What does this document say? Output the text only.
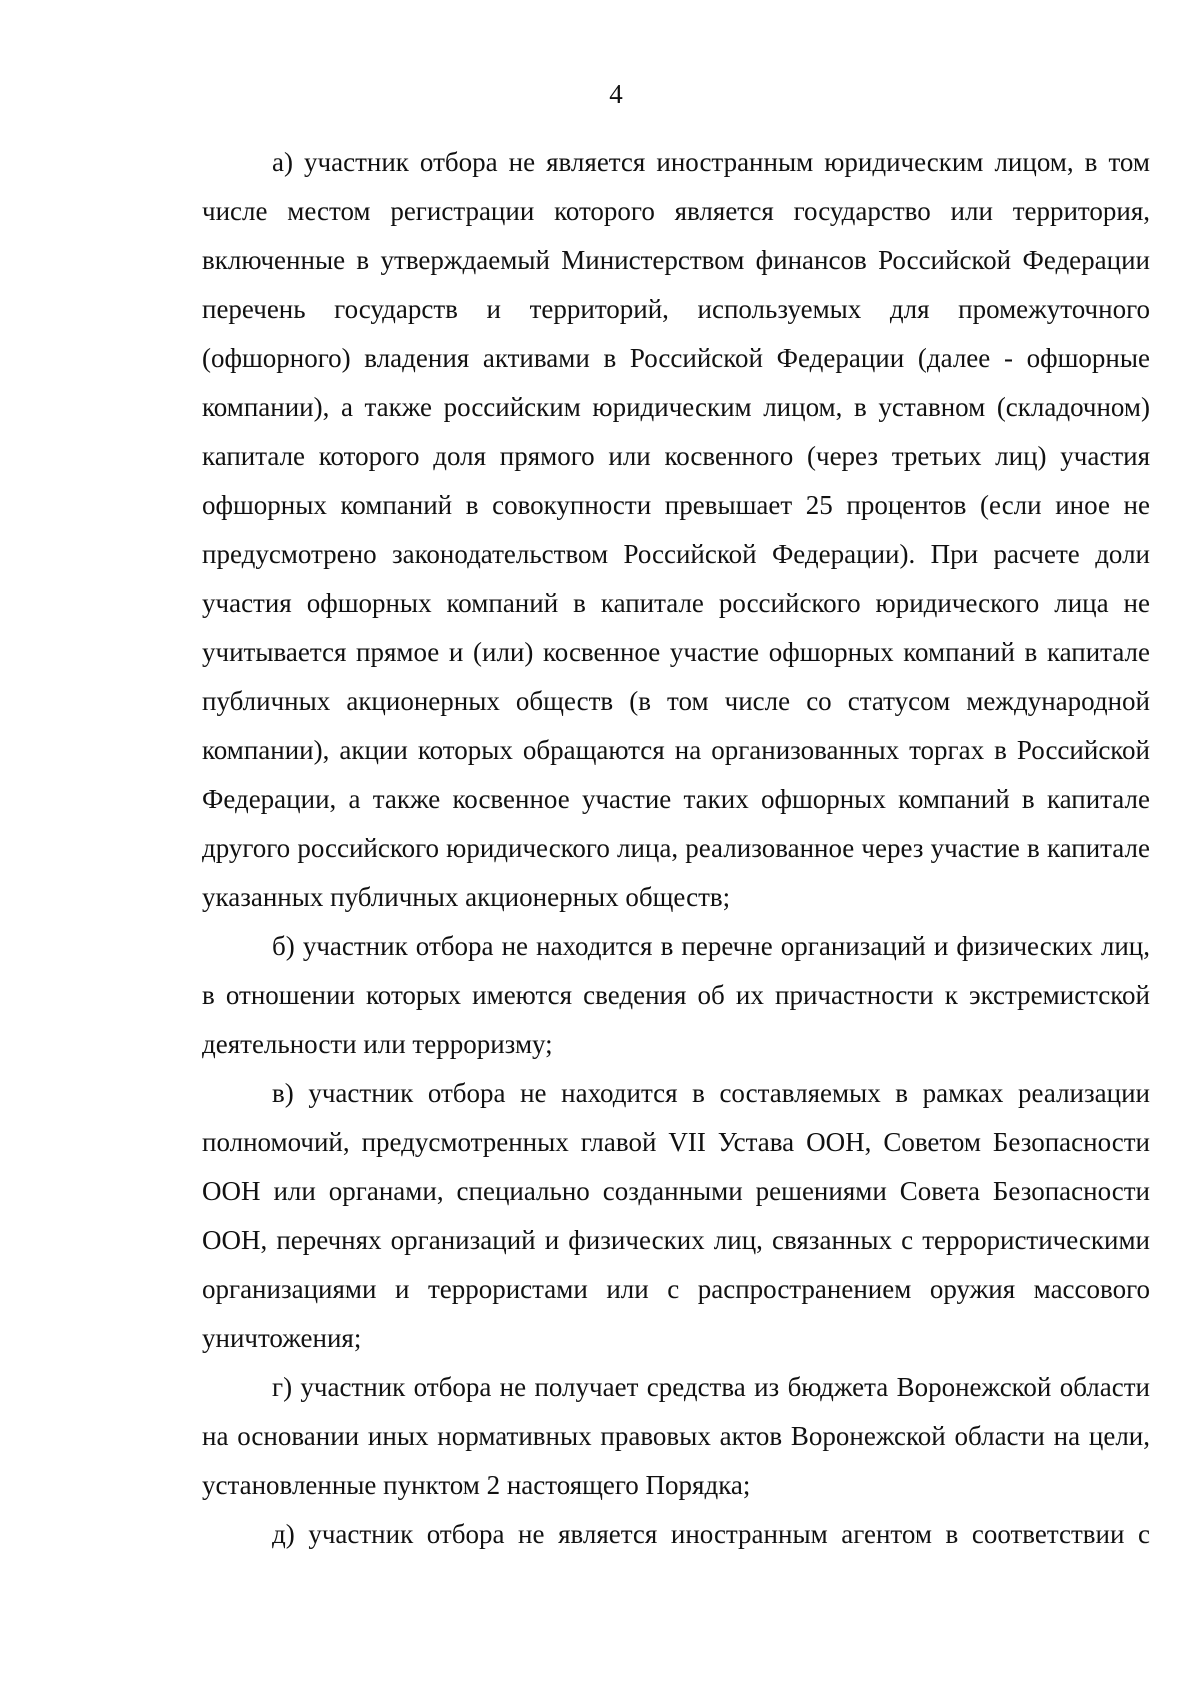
4

а) участник отбора не является иностранным юридическим лицом, в том числе местом регистрации которого является государство или территория, включенные в утверждаемый Министерством финансов Российской Федерации перечень государств и территорий, используемых для промежуточного (офшорного) владения активами в Российской Федерации (далее - офшорные компании), а также российским юридическим лицом, в уставном (складочном) капитале которого доля прямого или косвенного (через третьих лиц) участия офшорных компаний в совокупности превышает 25 процентов (если иное не предусмотрено законодательством Российской Федерации). При расчете доли участия офшорных компаний в капитале российского юридического лица не учитывается прямое и (или) косвенное участие офшорных компаний в капитале публичных акционерных обществ (в том числе со статусом международной компании), акции которых обращаются на организованных торгах в Российской Федерации, а также косвенное участие таких офшорных компаний в капитале другого российского юридического лица, реализованное через участие в капитале указанных публичных акционерных обществ;

б) участник отбора не находится в перечне организаций и физических лиц, в отношении которых имеются сведения об их причастности к экстремистской деятельности или терроризму;

в) участник отбора не находится в составляемых в рамках реализации полномочий, предусмотренных главой VII Устава ООН, Советом Безопасности ООН или органами, специально созданными решениями Совета Безопасности ООН, перечнях организаций и физических лиц, связанных с террористическими организациями и террористами или с распространением оружия массового уничтожения;

г) участник отбора не получает средства из бюджета Воронежской области на основании иных нормативных правовых актов Воронежской области на цели, установленные пунктом 2 настоящего Порядка;

д) участник отбора не является иностранным агентом в соответствии с
